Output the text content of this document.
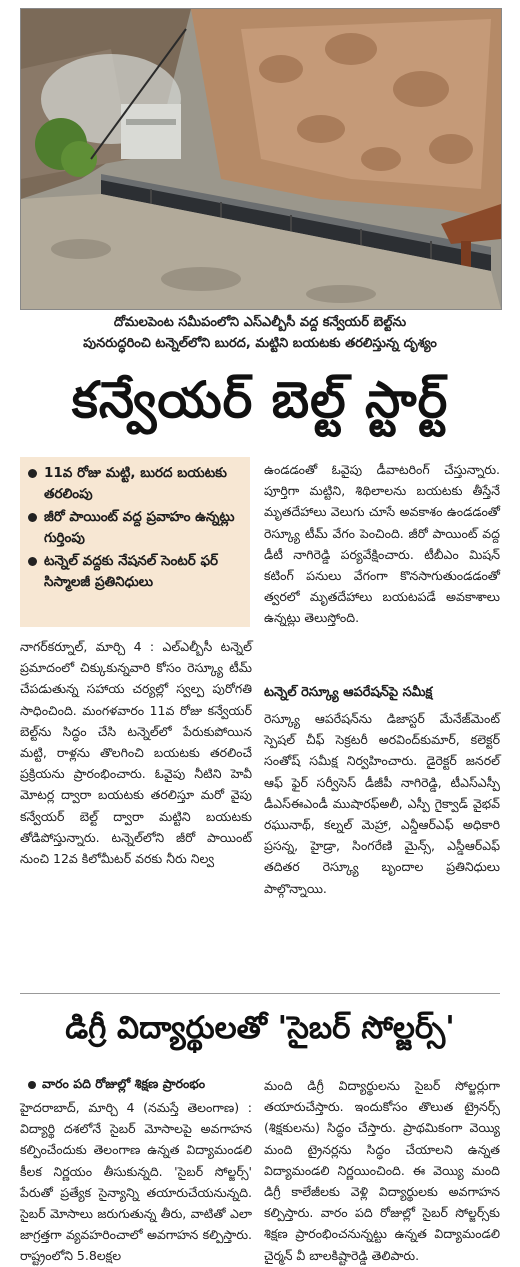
దోమలపెంట సమీపంలోని ఎస్ఎల్బీసీ వద్ద కన్వేయర్ బెల్ట్‌ను
పునరుద్ధరించి టన్నెల్‌లోని బురద, మట్టిని బయటకు తరలిస్తున్న దృశ్యం
కన్వేయర్ బెల్ట్ స్టార్ట్
11వ రోజు మట్టి, బురద బయటకు తరలింపు
జీరో పాయింట్ వద్ద ప్రవాహం ఉన్నట్లు గుర్తింపు
టన్నెల్ వద్దకు నేషనల్ సెంటర్ ఫర్ సిస్మాలజీ ప్రతినిధులు

నాగర్‌కర్నూల్, మార్చి 4 : ఎల్ఎల్బీసీ టన్నెల్ ప్రమాదంలో చిక్కుకున్నవారి కోసం రెస్క్యూ టీమ్ చేపడుతున్న సహాయ చర్యల్లో స్వల్ప పురోగతి సాధించింది. మంగళవారం 11వ రోజు కన్వేయర్ బెల్ట్‌ను సిద్ధం చేసి టన్నెల్‌లో పేరుకుపోయిన మట్టి, రాళ్లను తొలగించి బయటకు తరలించే ప్రక్రియను ప్రారంభించారు. ఓవైపు నీటిని హెవీ మోటర్ల ద్వారా బయటకు తరలిస్తూ మరో వైపు కన్వేయర్ బెల్ట్ ద్వారా మట్టిని బయటకు తోడిపోస్తున్నారు. టన్నెల్‌లోని జీరో పాయింట్ నుంచి 12వ కిలోమీటర్ వరకు నీరు నిల్వ

ఉండడంతో ఓవైపు డీవాటరింగ్ చేస్తున్నారు. పూర్తిగా మట్టిని, శిథిలాలను బయటకు తీస్తేనే మృతదేహాలు వెలుగు చూసే అవకాశం ఉండడంతో రెస్క్యూ టీమ్ వేగం పెంచింది. జీరో పాయింట్ వద్ద డీటీ నాగిరెడ్డి పర్యవేక్షించారు. టీబీఎం మిషన్ కటింగ్ పనులు వేగంగా కొనసాగుతుండడంతో త్వరలో మృతదేహాలు బయటపడే అవకాశాలు ఉన్నట్లు తెలుస్తోంది.

టన్నెల్ రెస్క్యూ ఆపరేషన్‌పై సమీక్ష

రెస్క్యూ ఆపరేషన్‌ను డిజాస్టర్ మేనేజ్‌మెంట్ స్పెషల్ చీఫ్ సెక్రటరీ అరవింద్‌కుమార్, కలెక్టర్ సంతోష్ సమీక్ష నిర్వహించారు. డైరెక్టర్ జనరల్ ఆఫ్ ఫైర్ సర్వీసెస్ డీజీపీ నాగిరెడ్డి, టీఎస్ఎస్పీ డీఎస్ఈఎండీ ముషారఫ్‌అలీ, ఎస్పీ గైక్వాడ్ వైభవ్ రఘునాథ్, కల్నల్ మెహ్రా, ఎన్డీఆర్ఎఫ్ అధికారి ప్రసన్న, హైడ్రా, సింగరేణి మైన్స్, ఎస్డీఆర్ఎఫ్ తదితర రెస్క్యూ బృందాల ప్రతినిధులు పాల్గొన్నాయి.

డిగ్రీ విద్యార్థులతో 'సైబర్ సోల్జర్స్'
వారం పది రోజుల్లో శిక్షణ ప్రారంభం

హైదరాబాద్, మార్చి 4 (నమస్తే తెలంగాణ) : విద్యార్థి దశలోనే సైబర్ మోసాలపై అవగాహన కల్పించేందుకు తెలంగాణ ఉన్నత విద్యామండలి కీలక నిర్ణయం తీసుకున్నది. 'సైబర్ సోల్జర్స్' పేరుతో ప్రత్యేక సైన్యాన్ని తయారుచేయనున్నది. సైబర్ మోసాలు జరుగుతున్న తీరు, వాటితో ఎలా జాగ్రత్తగా వ్యవహరించాలో అవగాహన కల్పిస్తారు. రాష్ట్రంలోని 5.8లక్షల

మంది డిగ్రీ విద్యార్థులను సైబర్ సోల్జర్లుగా తయారుచేస్తారు. ఇందుకోసం తొలుత ట్రైనర్స్ (శిక్షకులను) సిద్ధం చేస్తారు. ప్రాథమికంగా వెయ్యి మంది ట్రైనర్లను సిద్ధం చేయాలని ఉన్నత విద్యామండలి నిర్ణయించింది. ఈ వెయ్యి మంది డిగ్రీ కాలేజీలకు వెళ్లి విద్యార్థులకు అవగాహన కల్పిస్తారు. వారం పది రోజుల్లో సైబర్ సోల్జర్స్‌కు శిక్షణ ప్రారంభించనున్నట్టు ఉన్నత విద్యామండలి చైర్మన్ వీ బాలకిష్టారెడ్డి తెలిపారు.
